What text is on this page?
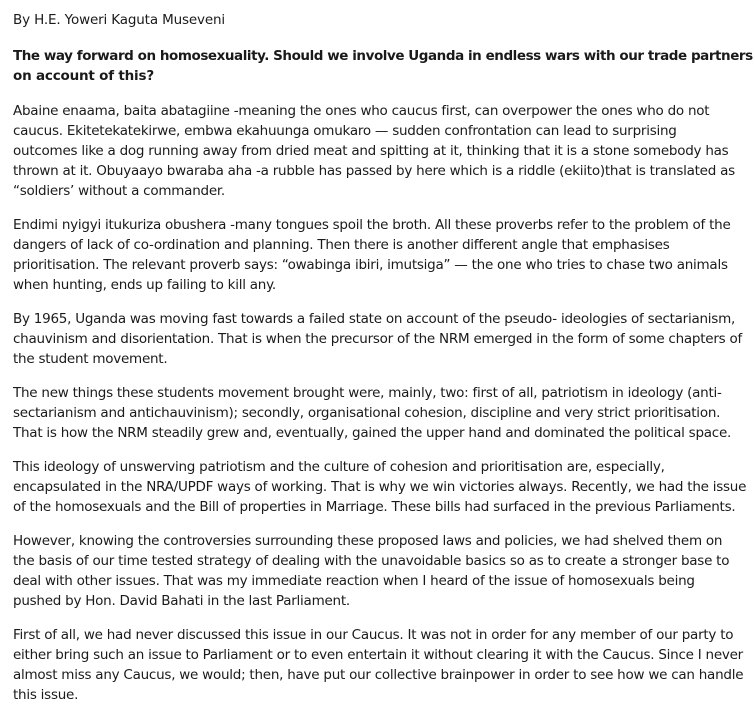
By H.E. Yoweri Kaguta Museveni
The way forward on homosexuality. Should we involve Uganda in endless wars with our trade partners
on account of this?
Abaine enaama, baita abatagiine -meaning the ones who caucus first, can overpower the ones who do not
caucus. Ekitetekatekirwe, embwa ekahuunga omukaro — sudden confrontation can lead to surprising
outcomes like a dog running away from dried meat and spitting at it, thinking that it is a stone somebody has
thrown at it. Obuyaayo bwaraba aha -a rubble has passed by here which is a riddle (ekiito)that is translated as
“soldiers’ without a commander.
Endimi nyigyi itukuriza obushera -many tongues spoil the broth. All these proverbs refer to the problem of the
dangers of lack of co-ordination and planning. Then there is another different angle that emphasises
prioritisation. The relevant proverb says: “owabinga ibiri, imutsiga” — the one who tries to chase two animals
when hunting, ends up failing to kill any.
By 1965, Uganda was moving fast towards a failed state on account of the pseudo- ideologies of sectarianism,
chauvinism and disorientation. That is when the precursor of the NRM emerged in the form of some chapters of
the student movement.
The new things these students movement brought were, mainly, two: first of all, patriotism in ideology (anti-
sectarianism and antichauvinism); secondly, organisational cohesion, discipline and very strict prioritisation.
That is how the NRM steadily grew and, eventually, gained the upper hand and dominated the political space.
This ideology of unswerving patriotism and the culture of cohesion and prioritisation are, especially,
encapsulated in the NRA/UPDF ways of working. That is why we win victories always. Recently, we had the issue
of the homosexuals and the Bill of properties in Marriage. These bills had surfaced in the previous Parliaments.
However, knowing the controversies surrounding these proposed laws and policies, we had shelved them on
the basis of our time tested strategy of dealing with the unavoidable basics so as to create a stronger base to
deal with other issues. That was my immediate reaction when I heard of the issue of homosexuals being
pushed by Hon. David Bahati in the last Parliament.
First of all, we had never discussed this issue in our Caucus. It was not in order for any member of our party to
either bring such an issue to Parliament or to even entertain it without clearing it with the Caucus. Since I never
almost miss any Caucus, we would; then, have put our collective brainpower in order to see how we can handle
this issue.
